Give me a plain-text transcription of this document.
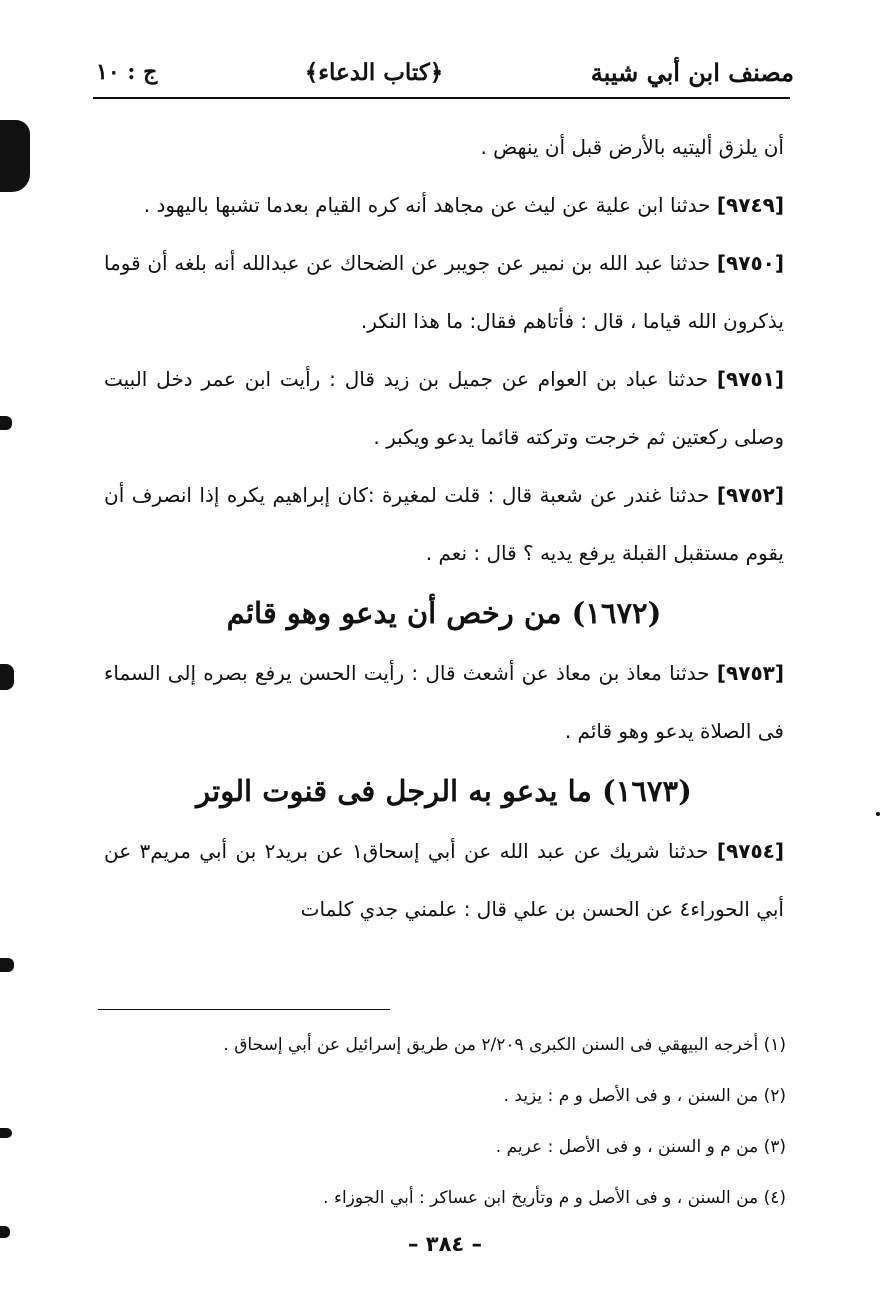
مصنف ابن أبي شيبة
﴿كتاب الدعاء﴾
ج : ١٠

أن يلزق أليتيه بالأرض قبل أن ينهض .

[٩٧٤٩] حدثنا ابن علية عن ليث عن مجاهد أنه كره القيام بعدما تشبها باليهود .

[٩٧٥٠] حدثنا عبد الله بن نمير عن جويبر عن الضحاك عن عبدالله أنه بلغه أن قوما يذكرون الله قياما ، قال : فأتاهم فقال: ما هذا النكر.

[٩٧٥١] حدثنا عباد بن العوام عن جميل بن زيد قال : رأيت ابن عمر دخل البيت وصلى ركعتين ثم خرجت وتركته قائما يدعو ويكبر .

[٩٧٥٢] حدثنا غندر عن شعبة قال : قلت لمغيرة :كان إبراهيم يكره إذا انصرف أن يقوم مستقبل القبلة يرفع يديه ؟ قال : نعم .

(١٦٧٢) من رخص أن يدعو وهو قائم

[٩٧٥٣] حدثنا معاذ بن معاذ عن أشعث قال : رأيت الحسن يرفع بصره إلى السماء فى الصلاة يدعو وهو قائم .

(١٦٧٣) ما يدعو به الرجل فى قنوت الوتر

[٩٧٥٤] حدثنا شريك عن عبد الله عن أبي إسحاق١ عن بريد٢ بن أبي مريم٣ عن أبي الحوراء٤ عن الحسن بن علي قال : علمني جدي كلمات

(١) أخرجه البيهقي فى السنن الكبرى ٢/٢٠٩ من طريق إسرائيل عن أبي إسحاق .

(٢) من السنن ، و فى الأصل و م : يزيد .

(٣) من م و السنن ، و فى الأصل : عريم .

(٤) من السنن ، و فى الأصل و م وتأريخ ابن عساكر : أبي الجوزاء .

– ٣٨٤ –
